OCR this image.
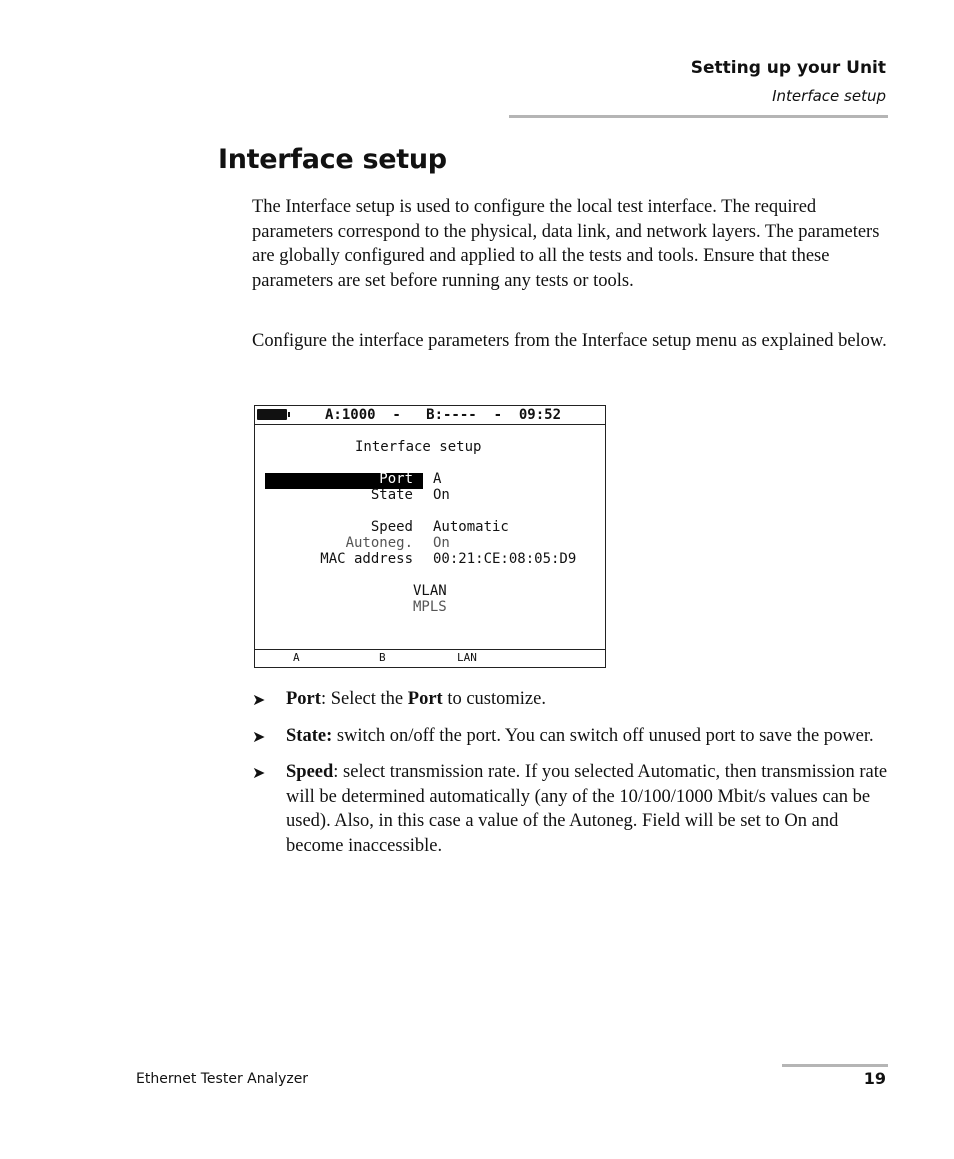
Setting up your Unit
Interface setup
Interface setup

The Interface setup is used to configure the local test interface. The required parameters correspond to the physical, data link, and network layers. The parameters are globally configured and applied to all the tests and tools. Ensure that these parameters are set before running any tests or tools.

Configure the interface parameters from the Interface setup menu as explained below.

A:1000  -   B:----  -  09:52
Interface setup
Port A
State On
Speed Automatic
Autoneg. On
MAC address 00:21:CE:08:05:D9
VLAN
MPLS
A	B	LAN
➤ Port: Select the Port to customize.
➤ State: switch on/off the port. You can switch off unused port to save the power.
➤ Speed: select transmission rate. If you selected Automatic, then transmission rate will be determined automatically (any of the 10/100/1000 Mbit/s values can be used). Also, in this case a value of the Autoneg. Field will be set to On and become inaccessible.
Ethernet Tester Analyzer	19
